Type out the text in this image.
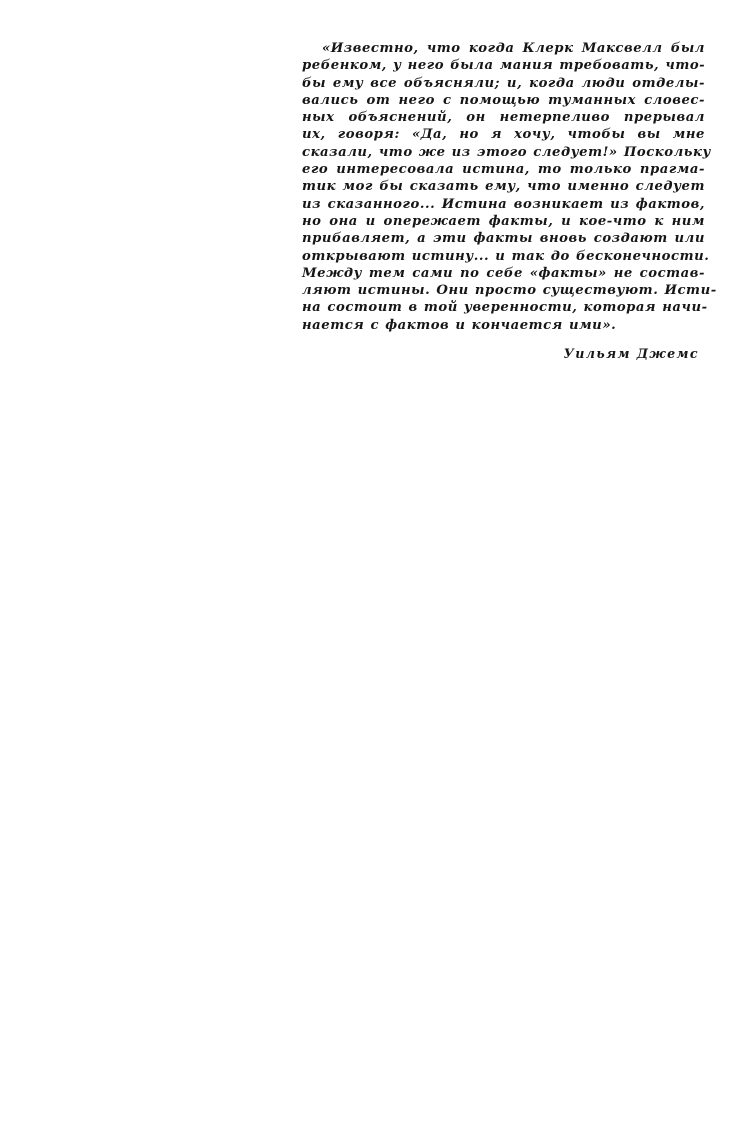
«Известно, что когда Клерк Максвелл был
ребенком, у него была мания требовать, что-
бы ему все объясняли; и, когда люди отделы-
вались от него с помощью туманных словес-
ных объяснений, он нетерпеливо прерывал
их, говоря: «Да, но я хочу, чтобы вы мне
сказали, что же из этого следует!» Поскольку
его интересовала истина, то только прагма-
тик мог бы сказать ему, что именно следует
из сказанного... Истина возникает из фактов,
но она и опережает факты, и кое-что к ним
прибавляет, а эти факты вновь создают или
открывают истину... и так до бесконечности.
Между тем сами по себе «факты» не состав-
ляют истины. Они просто существуют. Исти-
на состоит в той уверенности, которая начи-
нается с фактов и кончается ими».

Уильям Джемс
